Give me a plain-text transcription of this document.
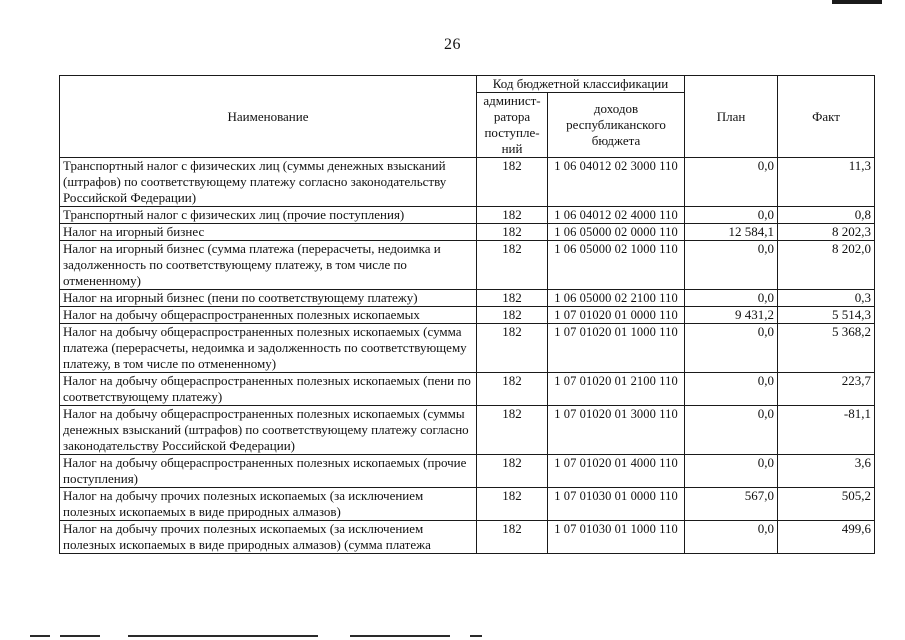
26
Наименование	Код бюджетной классификации		План	Факт
	админист-ратора поступле-ний	доходов республиканского бюджета		
Транспортный налог с физических лиц (суммы денежных взысканий (штрафов) по соответствующему платежу согласно законодательству Российской Федерации)	182	1 06 04012 02 3000 110	0,0	11,3
Транспортный налог с физических лиц (прочие поступления)	182	1 06 04012 02 4000 110	0,0	0,8
Налог на игорный бизнес	182	1 06 05000 02 0000 110	12 584,1	8 202,3
Налог на игорный бизнес (сумма платежа (перерасчеты, недоимка и задолженность по соответствующему платежу, в том числе по отмененному)	182	1 06 05000 02 1000 110	0,0	8 202,0
Налог на игорный бизнес (пени по соответствующему платежу)	182	1 06 05000 02 2100 110	0,0	0,3
Налог на добычу общераспространенных полезных ископаемых	182	1 07 01020 01 0000 110	9 431,2	5 514,3
Налог на добычу общераспространенных полезных ископаемых (сумма платежа (перерасчеты, недоимка и задолженность по соответствующему платежу, в том числе по отмененному)	182	1 07 01020 01 1000 110	0,0	5 368,2
Налог на добычу общераспространенных полезных ископаемых (пени по соответствующему платежу)	182	1 07 01020 01 2100 110	0,0	223,7
Налог на добычу общераспространенных полезных ископаемых (суммы денежных взысканий (штрафов) по соответствующему платежу согласно законодательству Российской Федерации)	182	1 07 01020 01 3000 110	0,0	-81,1
Налог на добычу общераспространенных полезных ископаемых (прочие поступления)	182	1 07 01020 01 4000 110	0,0	3,6
Налог на добычу прочих полезных ископаемых (за исключением полезных ископаемых в виде природных алмазов)	182	1 07 01030 01 0000 110	567,0	505,2
Налог на добычу прочих полезных ископаемых (за исключением полезных ископаемых в виде природных алмазов) (сумма платежа	182	1 07 01030 01 1000 110	0,0	499,6
